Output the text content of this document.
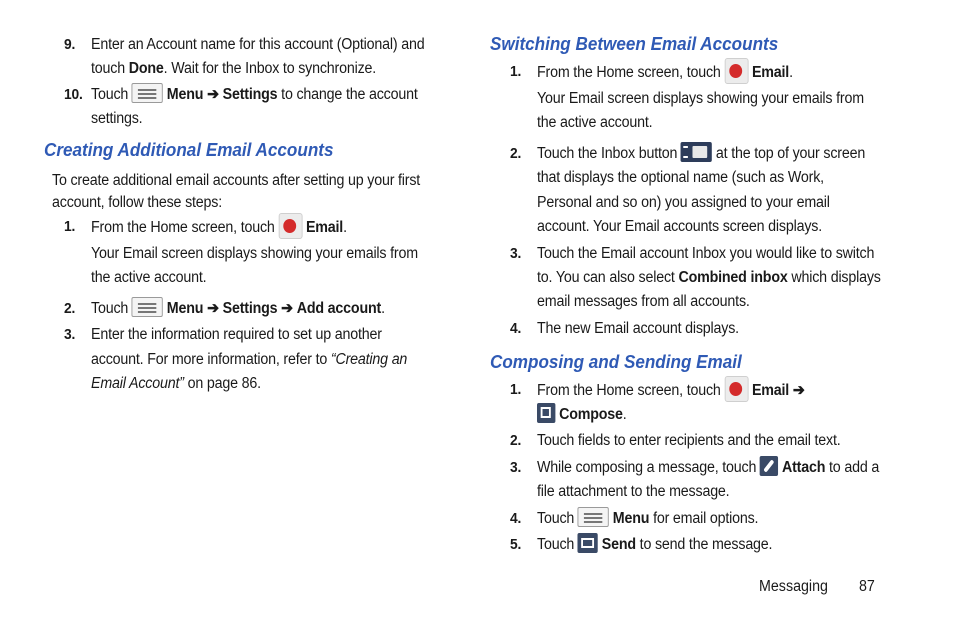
9. Enter an Account name for this account (Optional) and
touch Done. Wait for the Inbox to synchronize.
10. Touch Menu ➔ Settings to change the account
settings.
Creating Additional Email Accounts
To create additional email accounts after setting up your first
account, follow these steps:
1. From the Home screen, touch Email.
Your Email screen displays showing your emails from
the active account.
2. Touch Menu ➔ Settings ➔ Add account.
3. Enter the information required to set up another
account. For more information, refer to “Creating an
Email Account” on page 86.
Switching Between Email Accounts
1. From the Home screen, touch Email.
Your Email screen displays showing your emails from
the active account.
2. Touch the Inbox button at the top of your screen
that displays the optional name (such as Work,
Personal and so on) you assigned to your email
account. Your Email accounts screen displays.
3. Touch the Email account Inbox you would like to switch
to. You can also select Combined inbox which displays
email messages from all accounts.
4. The new Email account displays.
Composing and Sending Email
1. From the Home screen, touch Email ➔
Compose.
2. Touch fields to enter recipients and the email text.
3. While composing a message, touch Attach to add a
file attachment to the message.
4. Touch Menu for email options.
5. Touch Send to send the message.
Messaging 87
